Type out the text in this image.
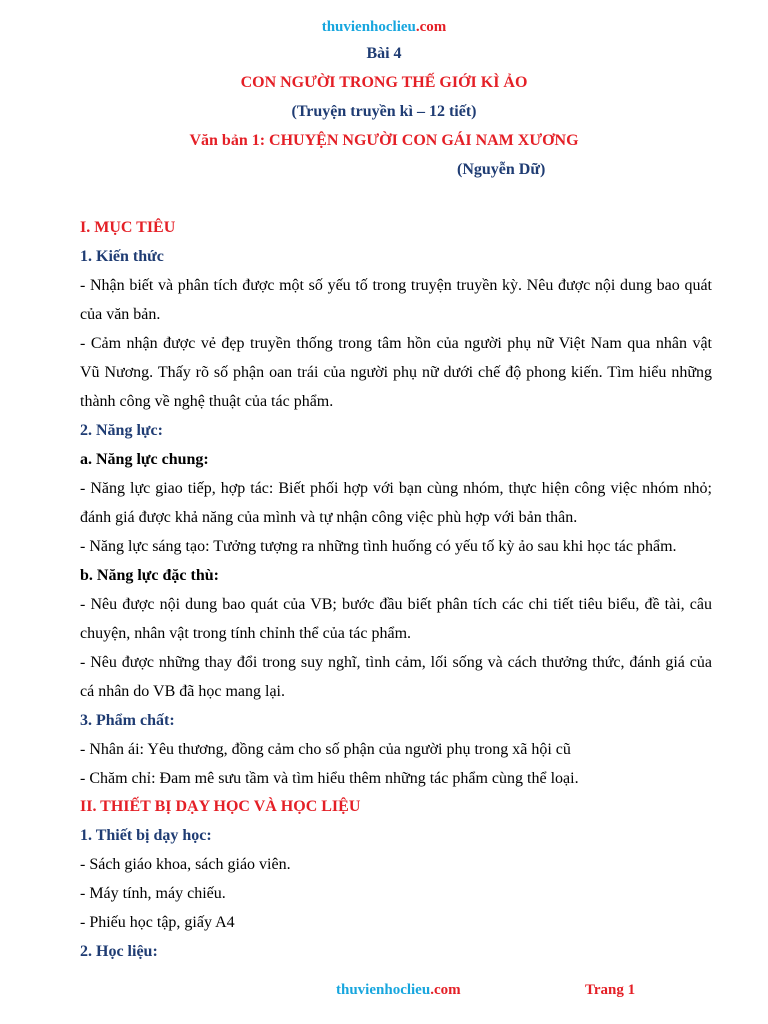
thuvienhoclieu.com
Bài 4
CON NGƯỜI TRONG THẾ GIỚI KÌ ẢO
(Truyện truyền kì – 12 tiết)
Văn bản 1: CHUYỆN NGƯỜI CON GÁI NAM XƯƠNG
(Nguyễn Dữ)
I. MỤC TIÊU
1. Kiến thức
- Nhận biết và phân tích được một số yếu tố trong truyện truyền kỳ. Nêu được nội dung bao quát
của văn bản.
- Cảm nhận được vẻ đẹp truyền thống trong tâm hồn của người phụ nữ Việt Nam qua nhân vật
Vũ Nương. Thấy rõ số phận oan trái của người phụ nữ dưới chế độ phong kiến. Tìm hiểu những
thành công về nghệ thuật của tác phẩm.
2. Năng lực:
a. Năng lực chung:
- Năng lực giao tiếp, hợp tác: Biết phối hợp với bạn cùng nhóm, thực hiện công việc nhóm nhỏ;
đánh giá được khả năng của mình và tự nhận công việc phù hợp với bản thân.
- Năng lực sáng tạo: Tưởng tượng ra những tình huống có yếu tố kỳ ảo sau khi học tác phẩm.
b. Năng lực đặc thù:
- Nêu được nội dung bao quát của VB; bước đầu biết phân tích các chi tiết tiêu biểu, đề tài, câu
chuyện, nhân vật trong tính chỉnh thể của tác phẩm.
- Nêu được những thay đổi trong suy nghĩ, tình cảm, lối sống và cách thưởng thức, đánh giá của
cá nhân do VB đã học mang lại.
3. Phẩm chất:
- Nhân ái: Yêu thương, đồng cảm cho số phận của người phụ trong xã hội cũ
- Chăm chỉ: Đam mê sưu tầm và tìm hiểu thêm những tác phẩm cùng thể loại.
II. THIẾT BỊ DẠY HỌC VÀ HỌC LIỆU
1. Thiết bị dạy học:
- Sách giáo khoa, sách giáo viên.
- Máy tính, máy chiếu.
- Phiếu học tập, giấy A4
2. Học liệu:
thuvienhoclieu.com	Trang 1
